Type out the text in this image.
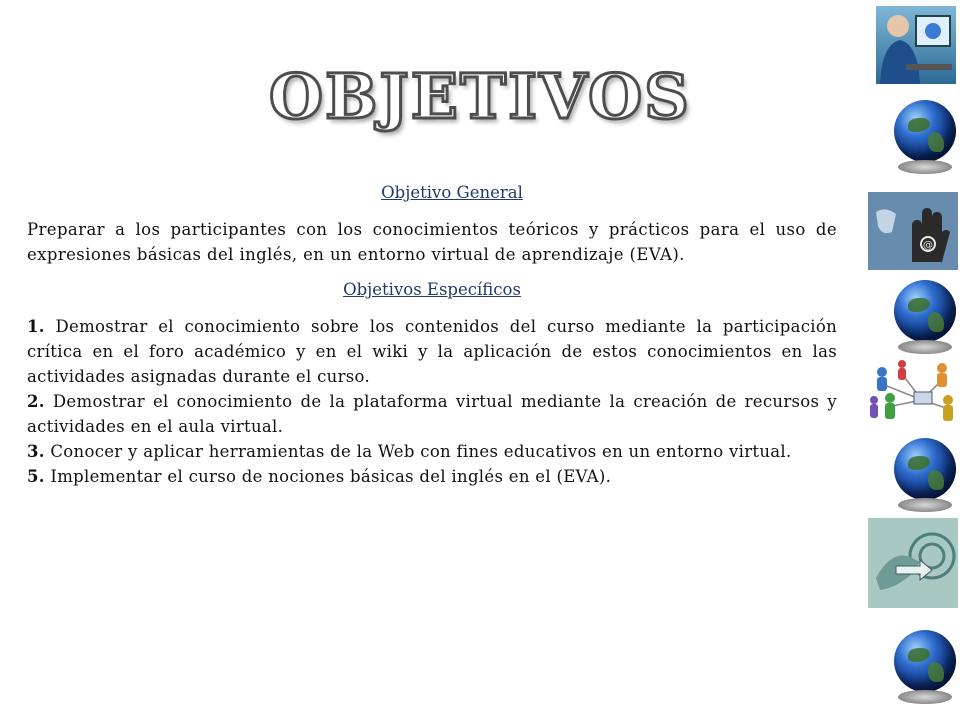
OBJETIVOS

Objetivo General

Preparar a los participantes con los conocimientos teóricos y prácticos para el uso de expresiones básicas del inglés, en un entorno virtual de aprendizaje (EVA).

Objetivos Específicos

1. Demostrar el conocimiento sobre los contenidos del curso mediante la participación crítica en el foro académico y en el wiki y la aplicación de estos conocimientos en las actividades asignadas durante el curso.

2. Demostrar el conocimiento de la plataforma virtual mediante la creación de recursos y actividades en el aula virtual.

3. Conocer y aplicar herramientas de la Web con fines educativos en un entorno virtual.

5. Implementar el curso de nociones básicas del inglés en el (EVA).

@
